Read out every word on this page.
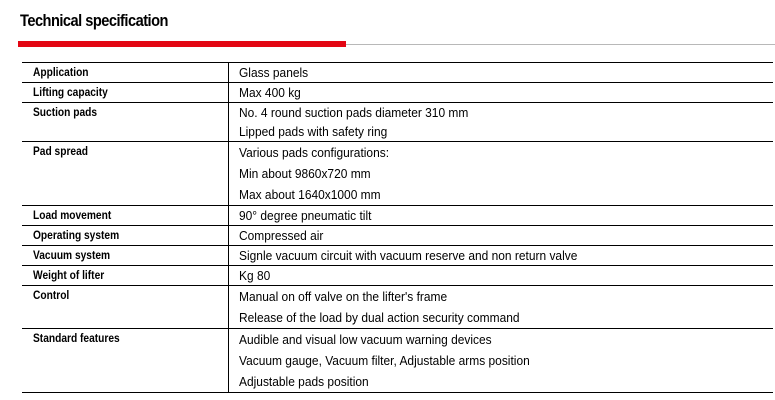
Technical specification
Application	Glass panels
Lifting capacity	Max 400 kg
Suction pads	No. 4 round suction pads diameter 310 mm
Lipped pads with safety ring
Pad spread	Various pads configurations:
Min about 9860x720 mm
Max about 1640x1000 mm
Load movement	90° degree pneumatic tilt
Operating system	Compressed air
Vacuum system	Signle vacuum circuit with vacuum reserve and non return valve
Weight of lifter	Kg 80
Control	Manual on off valve on the lifter's frame
Release of the load by dual action security command
Standard features	Audible and visual low vacuum warning devices
Vacuum gauge, Vacuum filter, Adjustable arms position
Adjustable pads position
